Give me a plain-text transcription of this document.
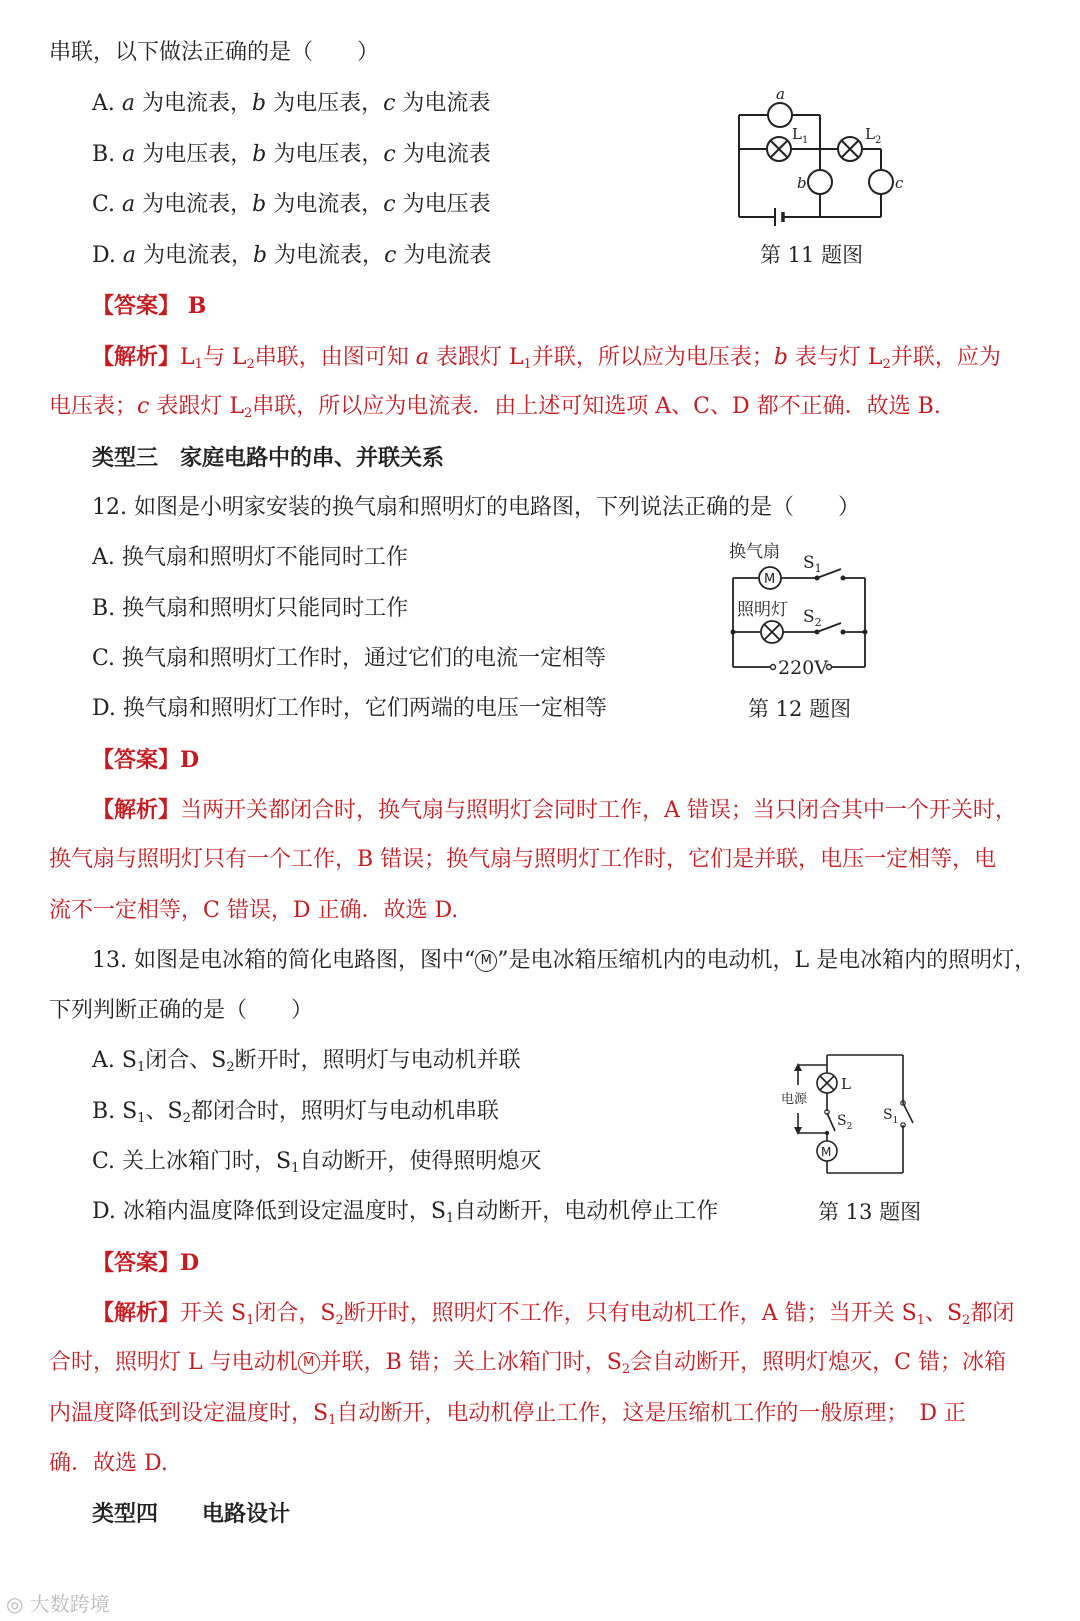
串联，以下做法正确的是（　　）
A. a 为电流表，b 为电压表，c 为电流表
B. a 为电压表，b 为电压表，c 为电流表
C. a 为电流表，b 为电流表，c 为电压表
D. a 为电流表，b 为电流表，c 为电流表
a
$L_1$	$L_2$
b	c
第 11 题图
【答案】 B
【解析】$L_1$与 $L_2$串联，由图可知 a 表跟灯 $L_1$并联，所以应为电压表；b 表与灯 $L_2$并联，应为
电压表；c 表跟灯 $L_2$串联，所以应为电流表．由上述可知选项 A、C、D 都不正确．故选 B.
类型三　家庭电路中的串、并联关系
12. 如图是小明家安装的换气扇和照明灯的电路图，下列说法正确的是（　　）
A. 换气扇和照明灯不能同时工作
B. 换气扇和照明灯只能同时工作
C. 换气扇和照明灯工作时，通过它们的电流一定相等
D. 换气扇和照明灯工作时，它们两端的电压一定相等
换气扇
M
$S_1$
照明灯 $S_2$
220V
第 12 题图
【答案】D
【解析】当两开关都闭合时，换气扇与照明灯会同时工作，A 错误；当只闭合其中一个开关时，
换气扇与照明灯只有一个工作，B 错误；换气扇与照明灯工作时，它们是并联，电压一定相等，电
流不一定相等，C 错误，D 正确．故选 D.
13. 如图是电冰箱的简化电路图，图中“ M ”是电冰箱压缩机内的电动机，L 是电冰箱内的照明灯，
下列判断正确的是（　　）
A. $S_1$闭合、$S_2$断开时，照明灯与电动机并联
B. $S_1$、$S_2$都闭合时，照明灯与电动机串联
C. 关上冰箱门时，$S_1$自动断开，使得照明熄灭
D. 冰箱内温度降低到设定温度时，$S_1$自动断开，电动机停止工作
L
电源
$S_2$
$S_1$
M
第 13 题图
【答案】D
【解析】开关 $S_1$闭合，$S_2$断开时，照明灯不工作，只有电动机工作，A 错；当开关 $S_1$、$S_2$都闭
合时，照明灯 L 与电动机 M 并联，B 错；关上冰箱门时，$S_2$会自动断开，照明灯熄灭，C 错；冰箱
内温度降低到设定温度时，$S_1$自动断开，电动机停止工作，这是压缩机工作的一般原理；　D 正
确．故选 D.
类型四　　电路设计
◎ 大数跨境
